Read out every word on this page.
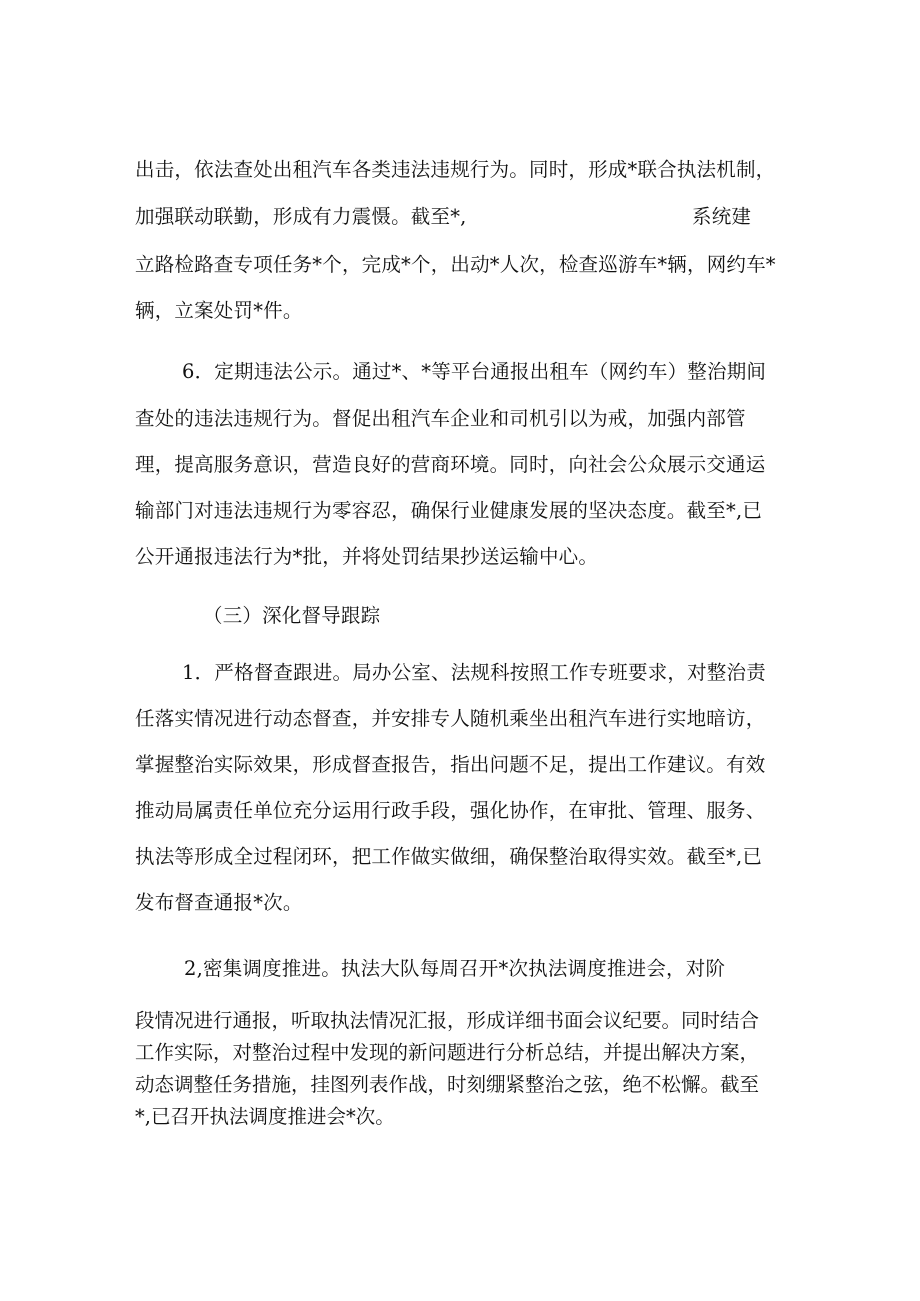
出击，依法查处出租汽车各类违法违规行为。同时，形成*联合执法机制，
加强联动联勤，形成有力震慑。截至*,	系统建
立路检路查专项任务*个，完成*个，出动*人次，检查巡游车*辆，网约车*
辆，立案处罚*件。
6．定期违法公示。通过*、*等平台通报出租车（网约车）整治期间
查处的违法违规行为。督促出租汽车企业和司机引以为戒，加强内部管
理，提高服务意识，营造良好的营商环境。同时，向社会公众展示交通运
输部门对违法违规行为零容忍，确保行业健康发展的坚决态度。截至*,已
公开通报违法行为*批，并将处罚结果抄送运输中心。
（三）深化督导跟踪
1．严格督查跟进。局办公室、法规科按照工作专班要求，对整治责
任落实情况进行动态督查，并安排专人随机乘坐出租汽车进行实地暗访，
掌握整治实际效果，形成督查报告，指出问题不足，提出工作建议。有效
推动局属责任单位充分运用行政手段，强化协作，在审批、管理、服务、
执法等形成全过程闭环，把工作做实做细，确保整治取得实效。截至*,已
发布督查通报*次。
2,密集调度推进。执法大队每周召开*次执法调度推进会，对阶
段情况进行通报，听取执法情况汇报，形成详细书面会议纪要。同时结合
工作实际，对整治过程中发现的新问题进行分析总结，并提出解决方案，
动态调整任务措施，挂图列表作战，时刻绷紧整治之弦，绝不松懈。截至
*,已召开执法调度推进会*次。
